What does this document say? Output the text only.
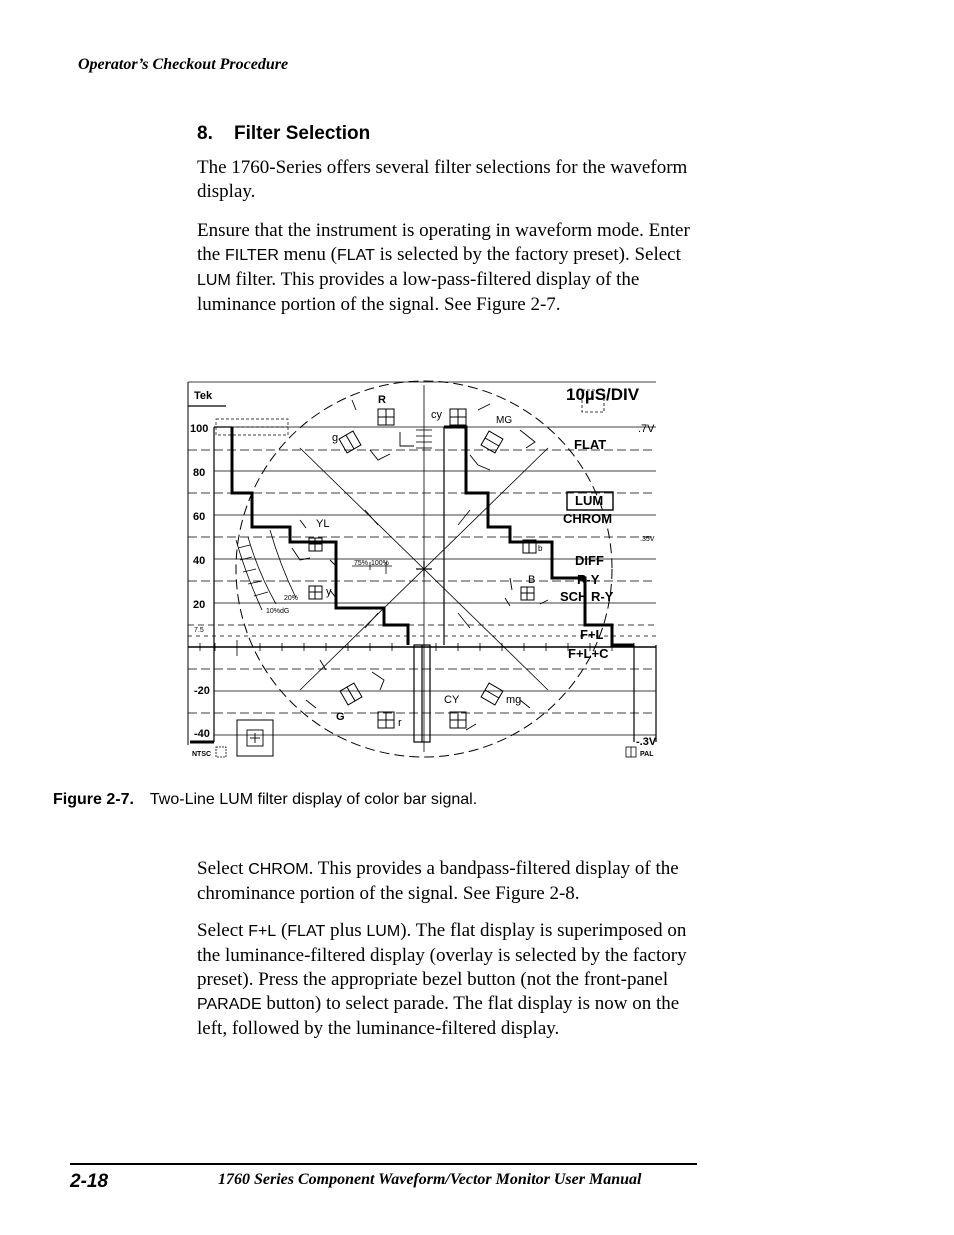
Operator’s Checkout Procedure
8. Filter Selection

The 1760-Series offers several filter selections for the waveform display.

Ensure that the instrument is operating in waveform mode. Enter the FILTER menu (FLAT is selected by the factory preset). Select LUM filter. This provides a low-pass-filtered display of the luminance portion of the signal. See Figure 2-7.

Tek
100
80
60
40
20
-20
-40
7.5
.7V
.35V
-.3V
10µS/DIV
R
cy	MG
g
YL
y
B
b
G	r
CY	mg
75% 100%
20%
10%dG
FLAT
LUM
CHROM
DIFF
R-Y
SCH R-Y
F+L
F+L+C
NTSC	PAL
Figure 2-7. Two-Line LUM filter display of color bar signal.

Select CHROM. This provides a bandpass-filtered display of the chrominance portion of the signal. See Figure 2-8.

Select F+L (FLAT plus LUM). The flat display is superimposed on the luminance-filtered display (overlay is selected by the factory preset). Press the appropriate bezel button (not the front-panel PARADE button) to select parade. The flat display is now on the left, followed by the luminance-filtered display.

2-18	1760 Series Component Waveform/Vector Monitor User Manual
